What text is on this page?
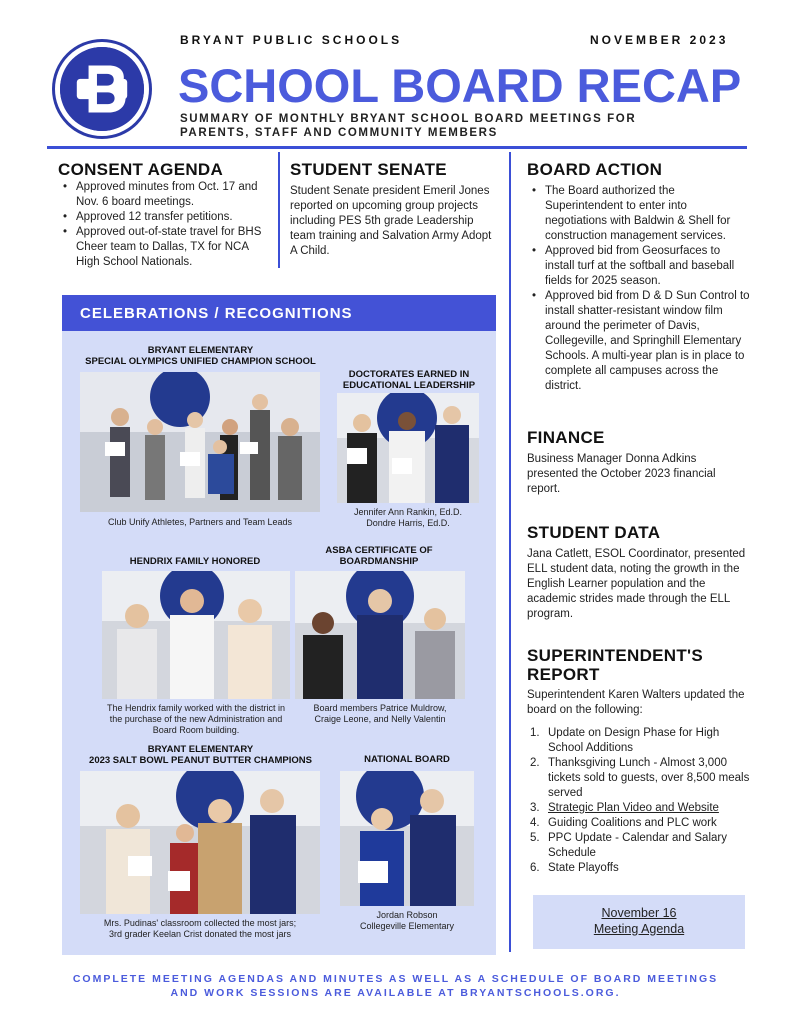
BRYANT PUBLIC SCHOOLS	NOVEMBER 2023
SCHOOL BOARD RECAP
SUMMARY OF MONTHLY BRYANT SCHOOL BOARD MEETINGS FOR PARENTS, STAFF AND COMMUNITY MEMBERS
CONSENT AGENDA
• Approved minutes from Oct. 17 and Nov. 6 board meetings.
• Approved 12 transfer petitions.
• Approved out-of-state travel for BHS Cheer team to Dallas, TX for NCA High School Nationals.
STUDENT SENATE
Student Senate president Emeril Jones reported on upcoming group projects including PES 5th grade Leadership team training and Salvation Army Adopt A Child.
BOARD ACTION
• The Board authorized the Superintendent to enter into negotiations with Baldwin & Shell for construction management services.
• Approved bid from Geosurfaces to install turf at the softball and baseball fields for 2025 season.
• Approved bid from D & D Sun Control to install shatter-resistant window film around the perimeter of Davis, Collegeville, and Springhill Elementary Schools. A multi-year plan is in place to complete all campuses across the district.
FINANCE
Business Manager Donna Adkins presented the October 2023 financial report.
STUDENT DATA
Jana Catlett, ESOL Coordinator, presented ELL student data, noting the growth in the English Learner population and the academic strides made through the ELL program.
SUPERINTENDENT'S
REPORT
Superintendent Karen Walters updated the board on the following:
1. Update on Design Phase for High School Additions
2. Thanksgiving Lunch - Almost 3,000 tickets sold to guests, over 8,500 meals served
3. Strategic Plan Video and Website
4. Guiding Coalitions and PLC work
5. PPC Update - Calendar and Salary Schedule
6. State Playoffs
November 16
Meeting Agenda
CELEBRATIONS / RECOGNITIONS
BRYANT ELEMENTARY
SPECIAL OLYMPICS UNIFIED CHAMPION SCHOOL
Club Unify Athletes, Partners and Team Leads
DOCTORATES EARNED IN
EDUCATIONAL LEADERSHIP
Jennifer Ann Rankin, Ed.D.
Dondre Harris, Ed.D.
HENDRIX FAMILY HONORED
The Hendrix family worked with the district in the purchase of the new Administration and Board Room building.
ASBA CERTIFICATE OF
BOARDMANSHIP
Board members Patrice Muldrow,
Craige Leone, and Nelly Valentin
BRYANT ELEMENTARY
2023 SALT BOWL PEANUT BUTTER CHAMPIONS
Mrs. Pudinas' classroom collected the most jars;
3rd grader Keelan Crist donated the most jars
NATIONAL BOARD
Jordan Robson
Collegeville Elementary
COMPLETE MEETING AGENDAS AND MINUTES AS WELL AS A SCHEDULE OF BOARD MEETINGS
AND WORK SESSIONS ARE AVAILABLE AT BRYANTSCHOOLS.ORG.
